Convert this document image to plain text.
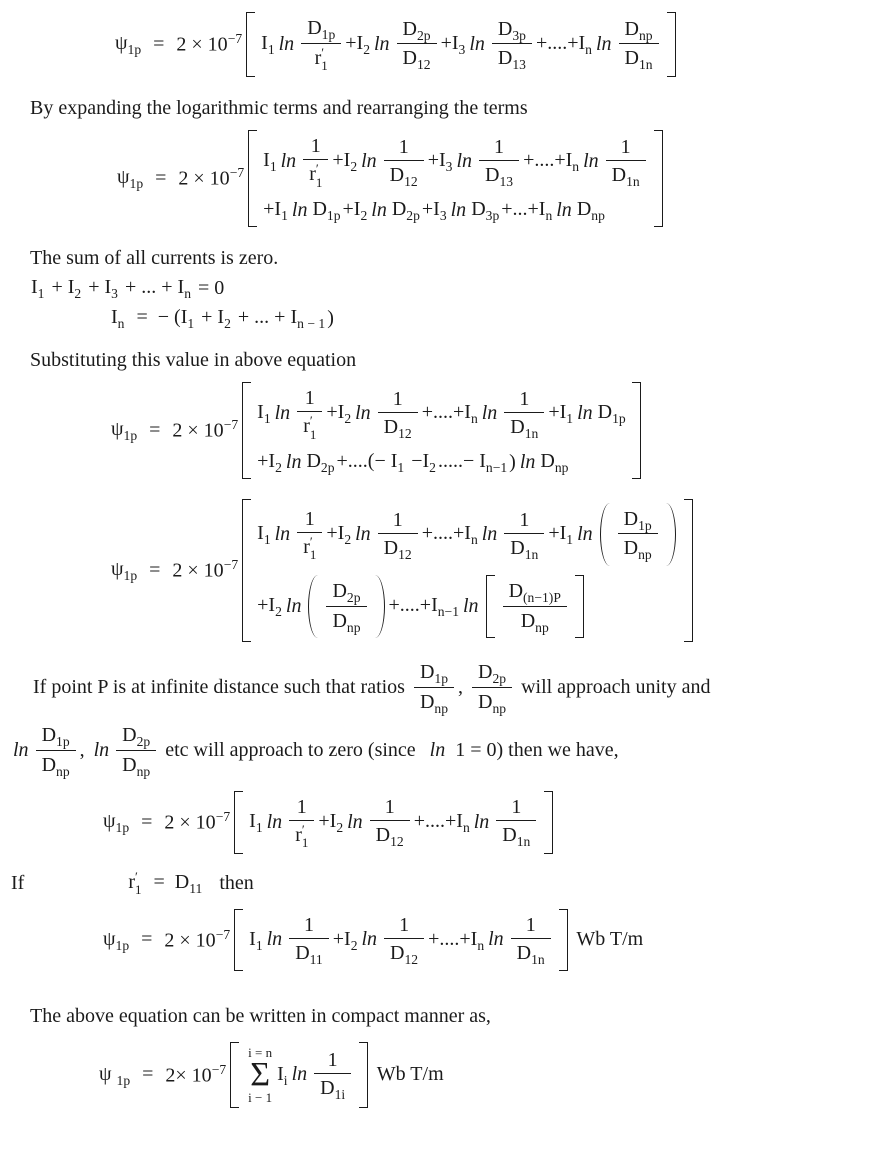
$\psi_{1p} = 2 \times 10^{-7}$ $I_1$ ln
$D_{1p}$
r ′
1
$+I_2$ ln
$D_{2p}$
$D_{12}$
$+I_3$ ln
$D_{3p}$
$D_{13}$
$+....+I_n$ ln
$D_{np}$
$D_{1n}$

By expanding the logarithmic terms and rearranging the terms

$\psi_{1p} = 2 \times 10^{-7}$
$I_1$ ln
1
r ′
1
$+I_2$ ln
1
$D_{12}$
$+I_3$ ln
1
$D_{13}$
$+....+I_n$ ln
1
$D_{1n}$
$+I_1$ $\ln D_{1p} +I_2$ $\ln D_{2p} +I_3$ $\ln D_{3p} +...+I_n$ $\ln D_{np}$

The sum of all currents is zero.

$I_1 + I_2 + I_3$ + ... + $I_n = 0$
$I_n$ =  − ($I_1 + I_2$ + ... + $I_{n - 1}$ )

Substituting this value in above equation

$\psi_{1p} = 2 \times 10^{-7}$
$I_1$ ln
1
r ′
1
$+I_2$ ln
1
$D_{12}$
$+....+I_n$ ln
1
$D_{1n}$
$+I_1$ $\ln D_{1p}$
$+I_2$ $\ln D_{2p}$ +....(− $I_1 -I_2$ .....− $I_{n-1}$ ) $\ln D_{np}$
$\psi_{1p} = 2 \times 10^{-7}$
$I_1$ ln
1
r ′
1
$+I_2$ ln
1
$D_{12}$
$+....+I_n$ ln
1
$D_{1n}$
$+I_1$ ln
$D_{1p}$
$D_{np}$
$+I_2$ ln
$D_{2p}$
$D_{np}$
$+....+I_{n-1}$ ln
$D_{(n-1)P}$
$D_{np}$
If point P is at infinite distance such that ratios
$D_{1p}$
$D_{np}$
,
$D_{2p}$
$D_{np}$
will approach unity and
ln
$D_{1p}$
$D_{np}$
, ln
$D_{2p}$
$D_{np}$
etc will approach to zero (since ln 1 = 0) then we have,
$\psi_{1p} = 2 \times 10^{-7}$ $I_1$ ln
1
r ′
1
$+I_2$ ln
1
$D_{12}$
$+....+I_n$ ln
1
$D_{1n}$
If	r ′
$1 = D_{11}$ then
$\psi_{1p} = 2 \times 10^{-7}$ $I_1$ ln
1
$D_{11}$
$+I_2$ ln
1
$D_{12}$
$+....+I_n$ ln
1
$D_{1n}$
Wb T/m

The above equation can be written in compact manner as,

ψ $_{1p} = 2\times 10^{-7}$
i = n
Σ
i − 1
$I_i$ ln
1
$D_{1i}$
Wb T/m
